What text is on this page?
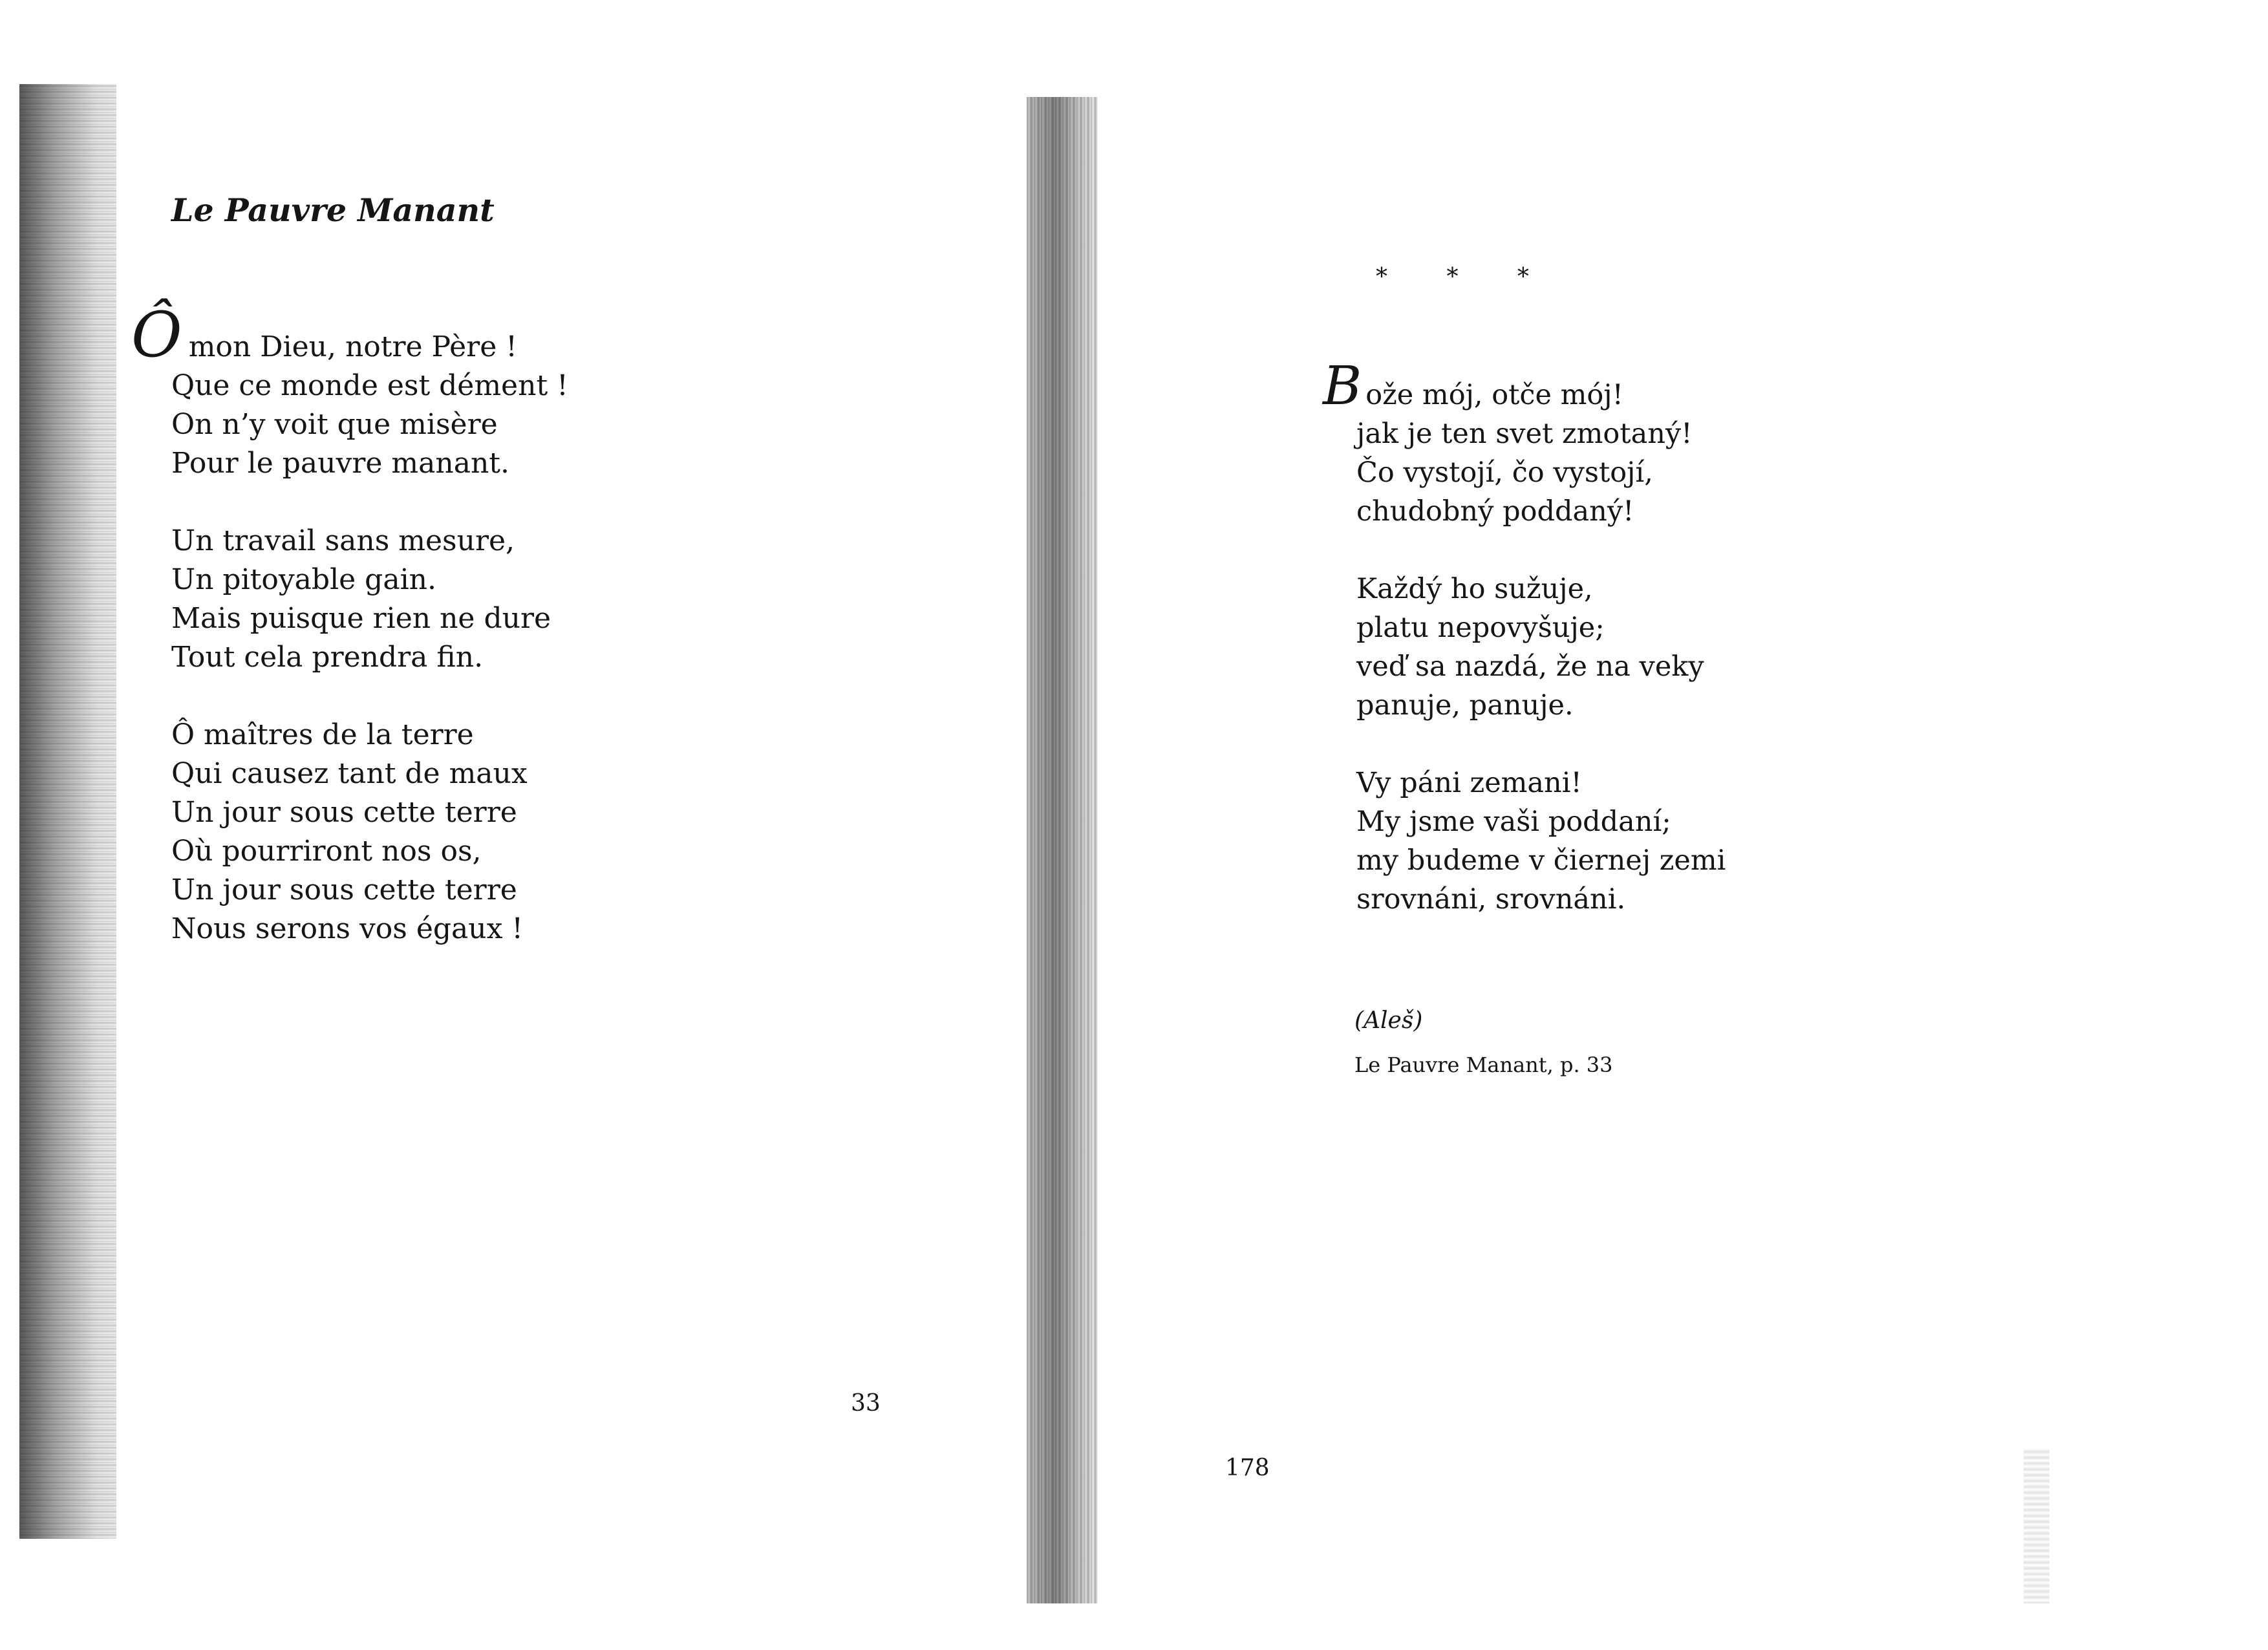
Le Pauvre Manant
Ômon Dieu, notre Père !
Que ce monde est dément !
On n’y voit que misère
Pour le pauvre manant.
Un travail sans mesure,
Un pitoyable gain.
Mais puisque rien ne dure
Tout cela prendra fin.
Ô maîtres de la terre
Qui causez tant de maux
Un jour sous cette terre
Où pourriront nos os,
Un jour sous cette terre
Nous serons vos égaux !
33
* * *
Bože mój, otče mój!
jak je ten svet zmotaný!
Čo vystojí, čo vystojí,
chudobný poddaný!
Každý ho sužuje,
platu nepovyšuje;
veď sa nazdá, že na veky
panuje, panuje.
Vy páni zemani!
My jsme vaši poddaní;
my budeme v čiernej zemi
srovnáni, srovnáni.
(Aleš)
Le Pauvre Manant, p. 33
178
